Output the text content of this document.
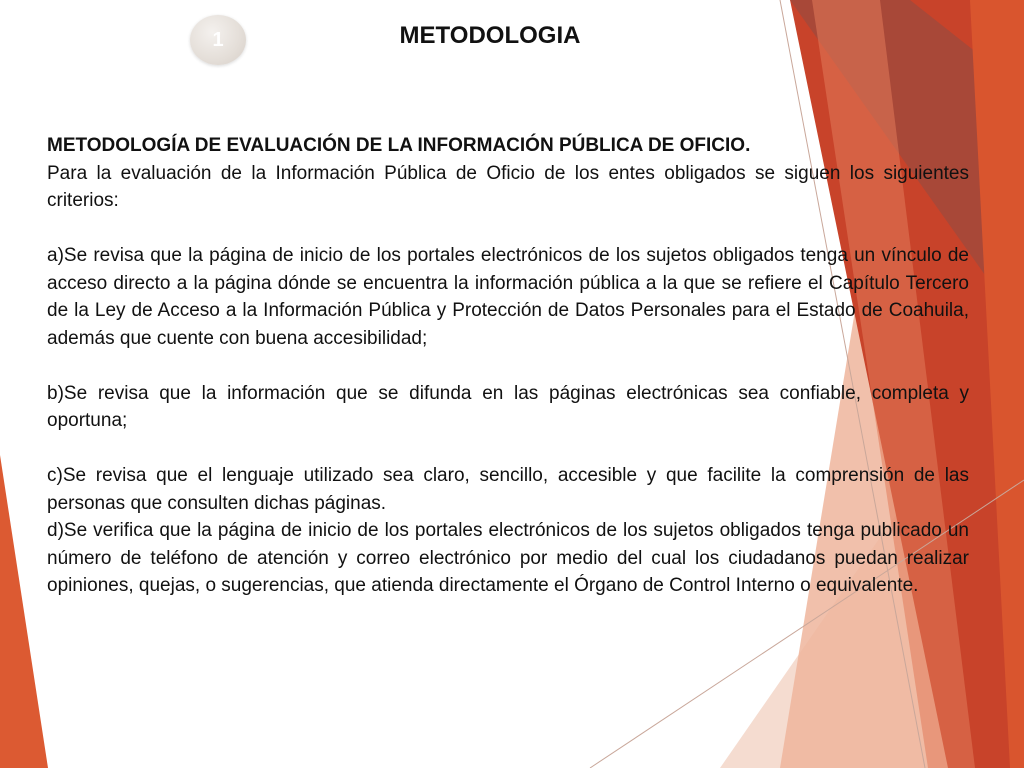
1	METODOLOGIA

METODOLOGÍA DE EVALUACIÓN DE LA INFORMACIÓN PÚBLICA DE OFICIO.

Para la evaluación de la Información Pública de Oficio de los entes obligados se siguen los siguientes criterios:

a)Se revisa que la página de inicio de los portales electrónicos de los sujetos obligados tenga un vínculo de acceso directo a la página dónde se encuentra la información pública a la que se refiere el Capítulo Tercero de la Ley de Acceso a la Información Pública y Protección de Datos Personales para el Estado de Coahuila, además que cuente con buena accesibilidad;

b)Se revisa que la información que se difunda en las páginas electrónicas sea confiable, completa y oportuna;

c)Se revisa que el lenguaje utilizado sea claro, sencillo, accesible y que facilite la comprensión de las personas que consulten dichas páginas.

d)Se verifica que la página de inicio de los portales electrónicos de los sujetos obligados tenga publicado un número de teléfono de atención y correo electrónico por medio del cual los ciudadanos puedan realizar opiniones, quejas, o sugerencias, que atienda directamente el Órgano de Control Interno o equivalente.
